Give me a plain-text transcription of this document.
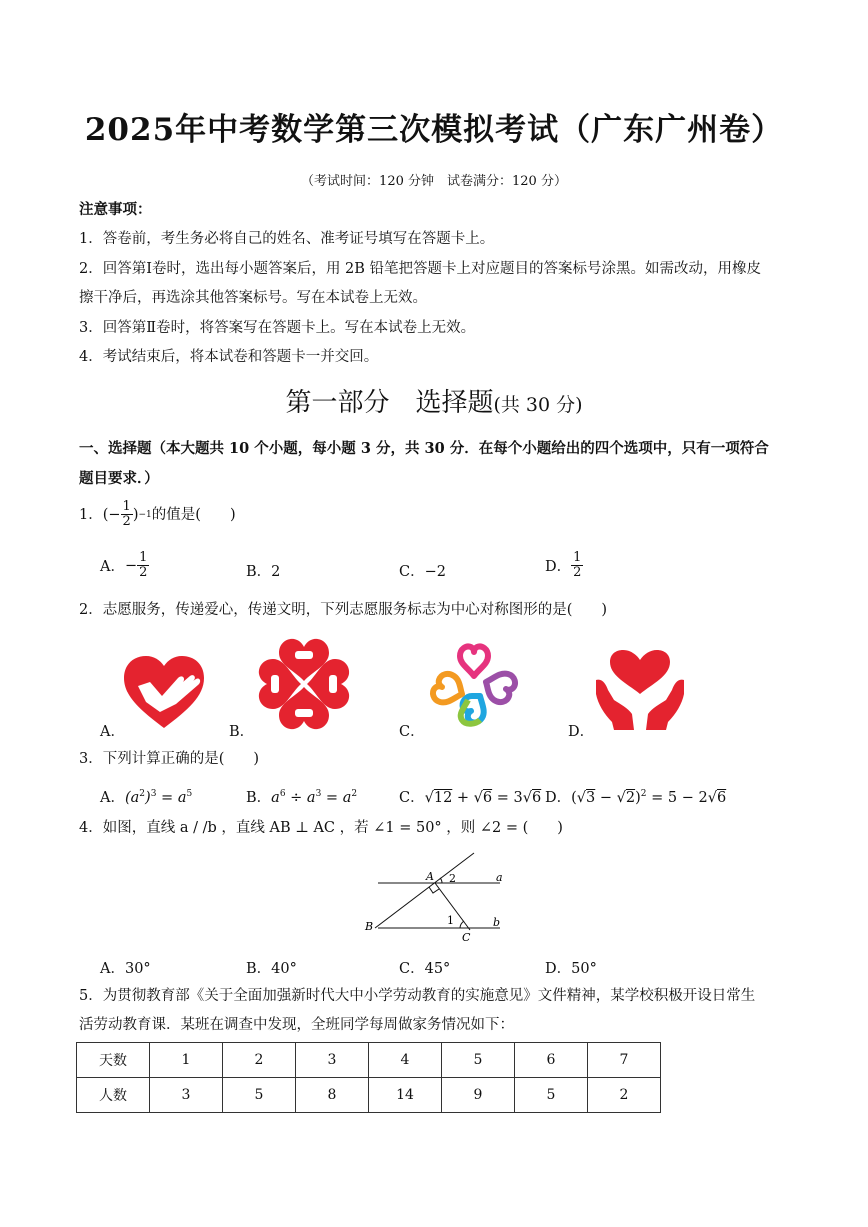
2025年中考数学第三次模拟考试（广东广州卷）
（考试时间：120 分钟　试卷满分：120 分）
注意事项：
1．答卷前，考生务必将自己的姓名、准考证号填写在答题卡上。
2．回答第Ⅰ卷时，选出每小题答案后，用 2B 铅笔把答题卡上对应题目的答案标号涂黑。如需改动，用橡皮
擦干净后，再选涂其他答案标号。写在本试卷上无效。
3．回答第Ⅱ卷时，将答案写在答题卡上。写在本试卷上无效。
4．考试结束后，将本试卷和答题卡一并交回。
第一部分　选择题(共 30 分)
一、选择题（本大题共 10 个小题，每小题 3 分，共 30 分．在每个小题给出的四个选项中，只有一项符合
题目要求．）
1． (− $\frac{1}{2}$ ) −1 的值是(　　)
A． − $\frac{1}{2}$	B．2	C．−2	D． $\frac{1}{2}$
2．志愿服务，传递爱心，传递文明，下列志愿服务标志为中心对称图形的是(　　)
A．	B．	C．	D．
3．下列计算正确的是(　　)
A．$(a^2)^3 = a^5$	B．$a^6 \div a^3 = a^2$	C．√12 + √6 = 3√6 D．$(√3 - √2)^2 = 5 - 2√6$
4．如图，直线 a / /b ，直线 AB ⊥ AC ，若 ∠1 = 50° ，则 ∠2 = (　　)
A 2	a
B	1	b
C
A．30°	B．40°	C．45°	D．50°
5．为贯彻教育部《关于全面加强新时代大中小学劳动教育的实施意见》文件精神，某学校积极开设日常生
活劳动教育课．某班在调查中发现，全班同学每周做家务情况如下：
天数	1	2	3	4	5	6	7
人数	3	5	8	14	9	5	2
